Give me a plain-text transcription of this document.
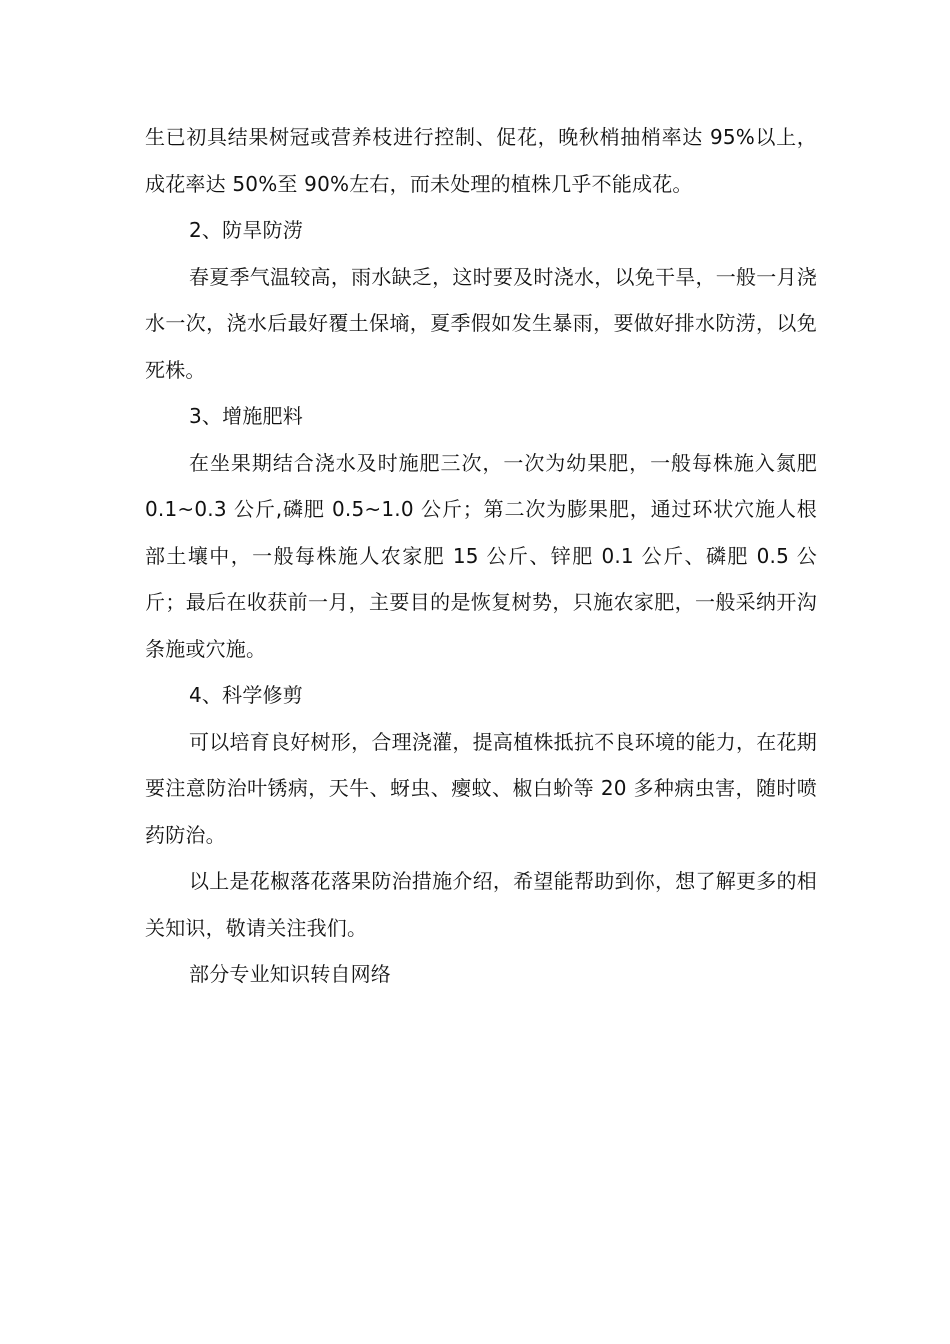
生已初具结果树冠或营养枝进行控制、促花，晚秋梢抽梢率达 95%以上，成花率达 50%至 90%左右，而未处理的植株几乎不能成花。

2、防旱防涝

春夏季气温较高，雨水缺乏，这时要及时浇水，以免干旱，一般一月浇水一次，浇水后最好覆土保墒，夏季假如发生暴雨，要做好排水防涝，以免死株。

3、增施肥料

在坐果期结合浇水及时施肥三次，一次为幼果肥，一般每株施入氮肥 0.1~0.3 公斤,磷肥 0.5~1.0 公斤；第二次为膨果肥，通过环状穴施人根部土壤中，一般每株施人农家肥 15 公斤、锌肥 0.1 公斤、磷肥 0.5 公斤；最后在收获前一月，主要目的是恢复树势，只施农家肥，一般采纳开沟条施或穴施。

4、科学修剪

可以培育良好树形，合理浇灌，提高植株抵抗不良环境的能力，在花期要注意防治叶锈病，天牛、蚜虫、瘿蚊、椒白蚧等 20 多种病虫害，随时喷药防治。

以上是花椒落花落果防治措施介绍，希望能帮助到你，想了解更多的相关知识，敬请关注我们。

部分专业知识转自网络
